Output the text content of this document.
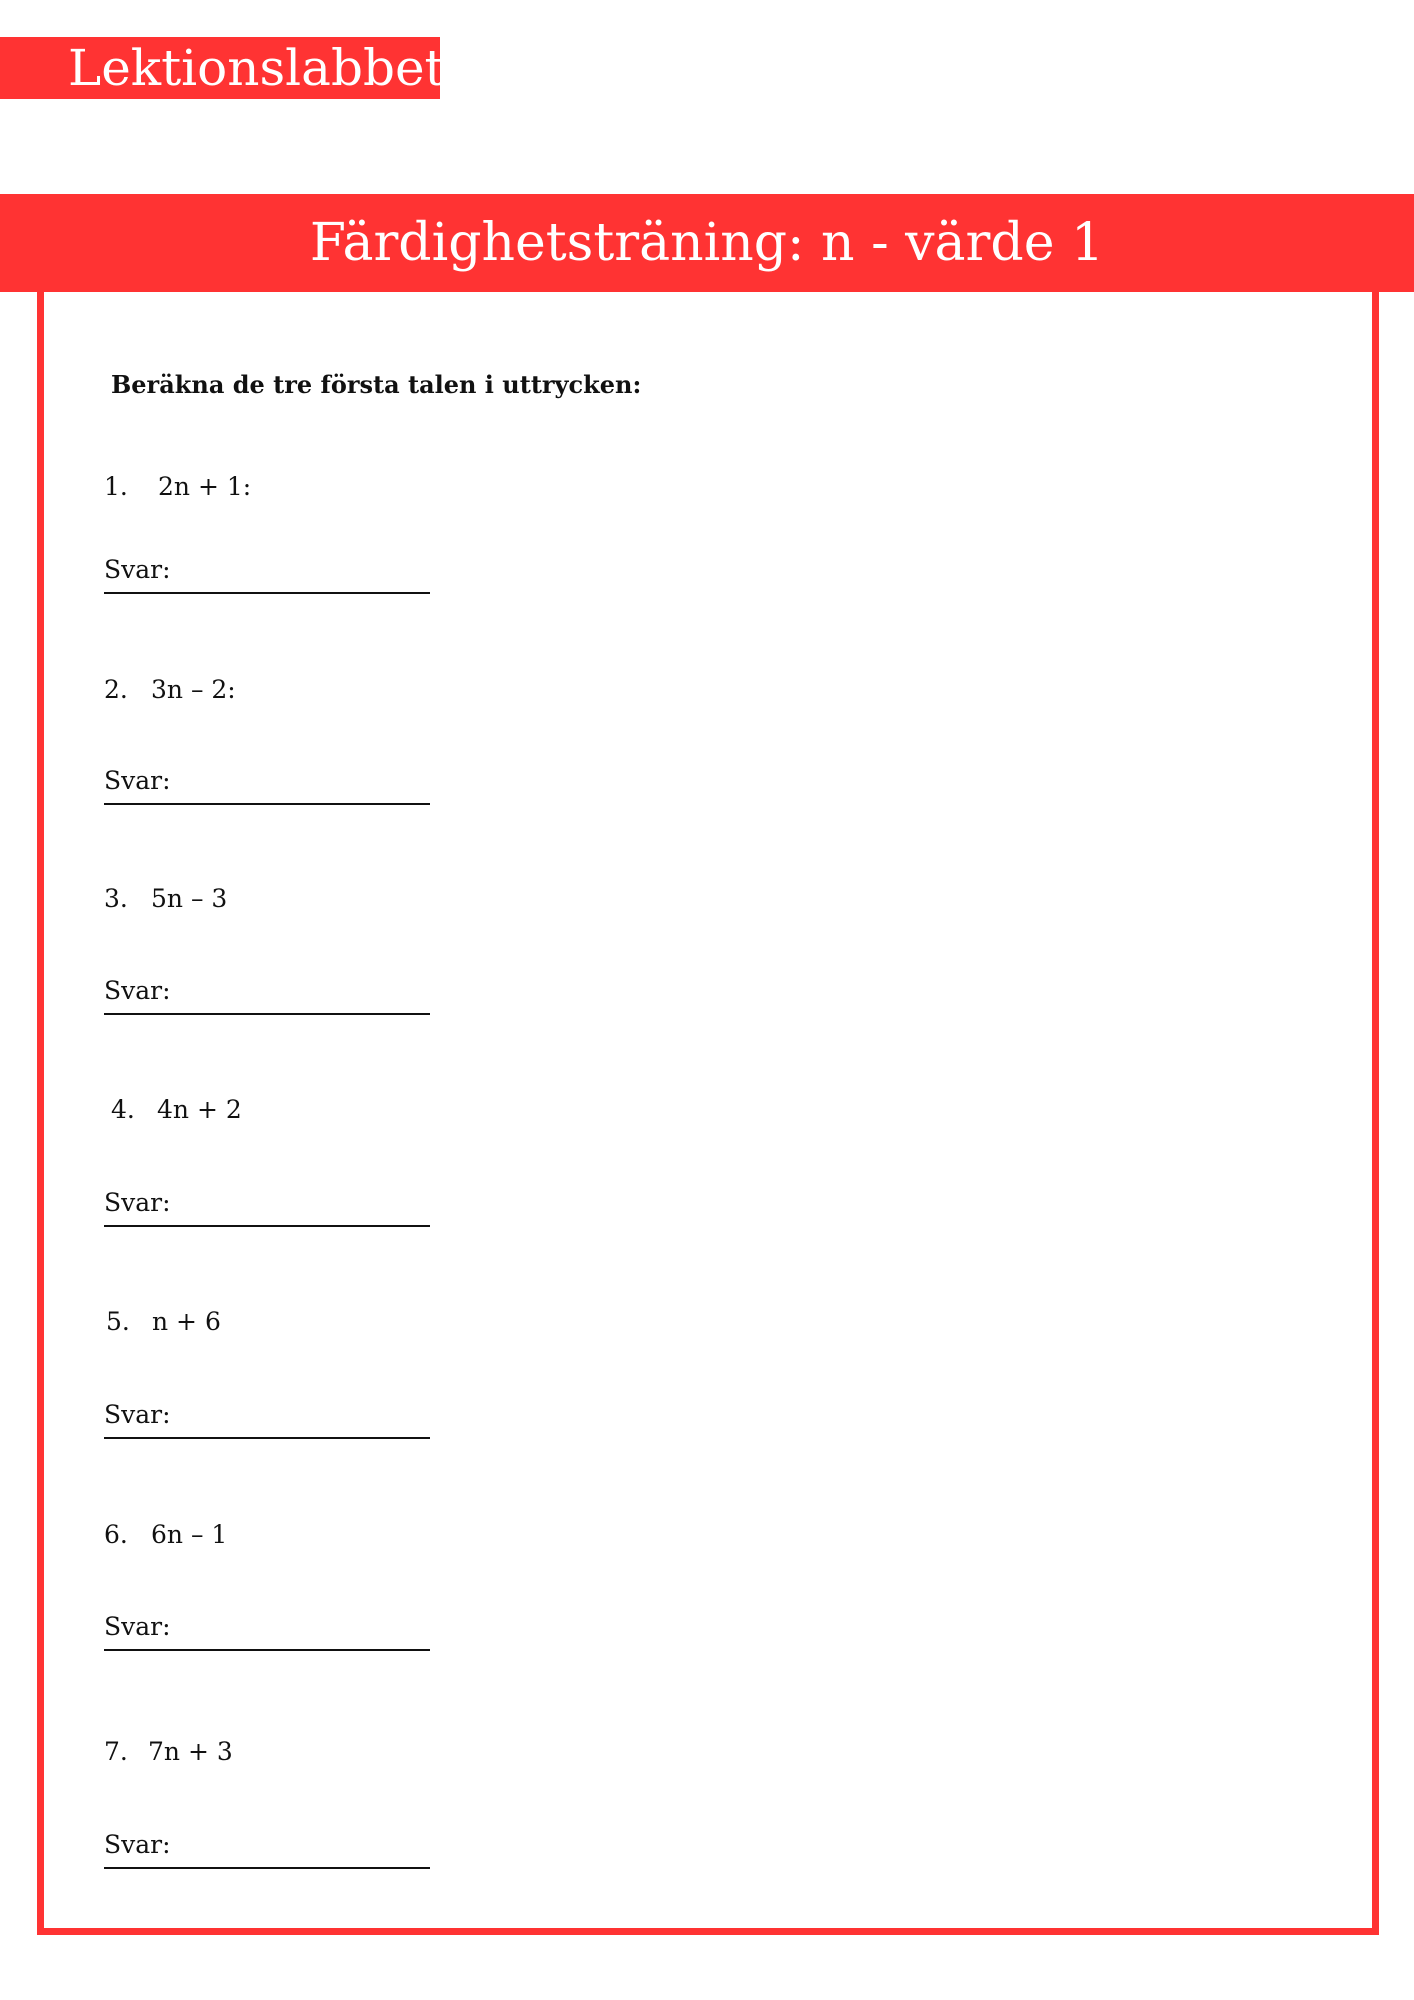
Lektionslabbet
Färdighetsträning: n - värde 1
Beräkna de tre första talen i uttrycken:
1. 2n + 1:
Svar:
2. 3n – 2:
Svar:
3. 5n – 3
Svar:
4. 4n + 2
Svar:
5. n + 6
Svar:
6. 6n – 1
Svar:
7. 7n + 3
Svar:
